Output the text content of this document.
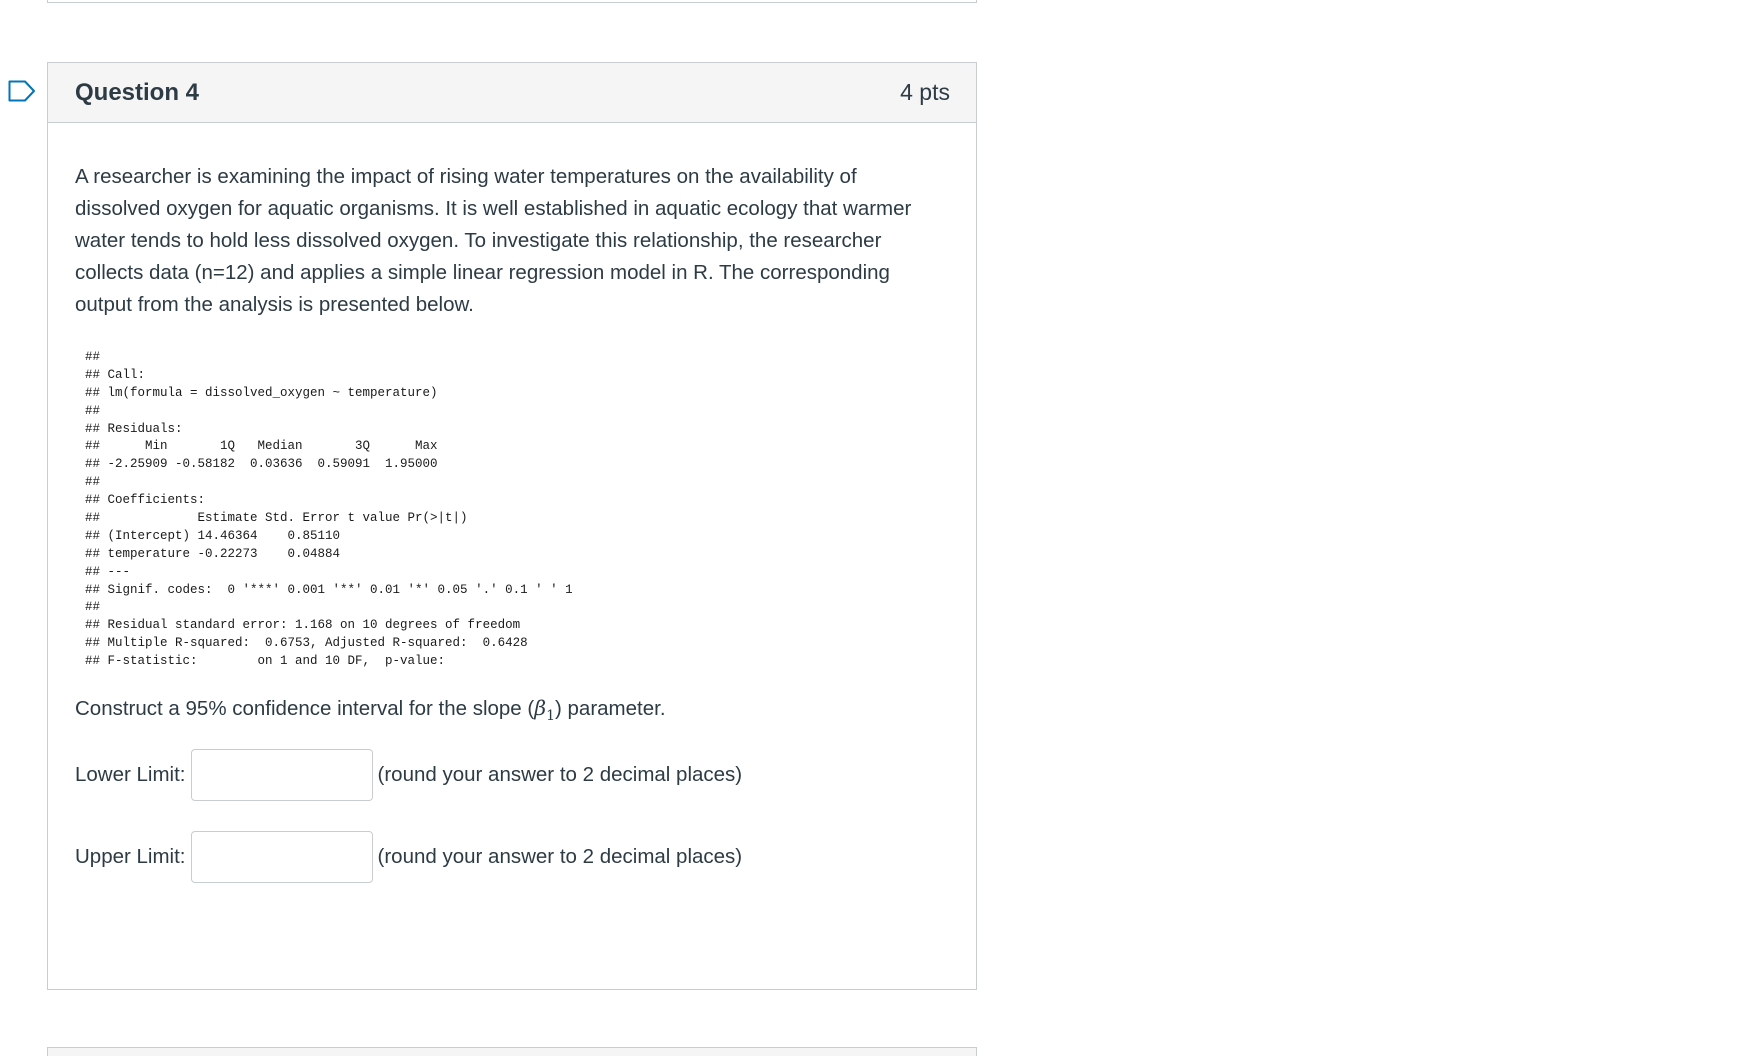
Question 4	4 pts

A researcher is examining the impact of rising water temperatures on the availability of dissolved oxygen for aquatic organisms. It is well established in aquatic ecology that warmer water tends to hold less dissolved oxygen. To investigate this relationship, the researcher collects data (n=12) and applies a simple linear regression model in R. The corresponding output from the analysis is presented below.

##
## Call:
## lm(formula = dissolved_oxygen ~ temperature)
##
## Residuals:
##      Min       1Q   Median       3Q      Max
## -2.25909 -0.58182  0.03636  0.59091  1.95000
##
## Coefficients:
##             Estimate Std. Error t value Pr(>|t|)
## (Intercept) 14.46364    0.85110
## temperature -0.22273    0.04884
## ---
## Signif. codes:  0 '***' 0.001 '**' 0.01 '*' 0.05 '.' 0.1 ' ' 1
##
## Residual standard error: 1.168 on 10 degrees of freedom
## Multiple R-squared:  0.6753, Adjusted R-squared:  0.6428
## F-statistic:        on 1 and 10 DF,  p-value:

Construct a 95% confidence interval for the slope $(\beta_1)$ parameter.

Lower Limit:	(round your answer to 2 decimal places)
Upper Limit:	(round your answer to 2 decimal places)
